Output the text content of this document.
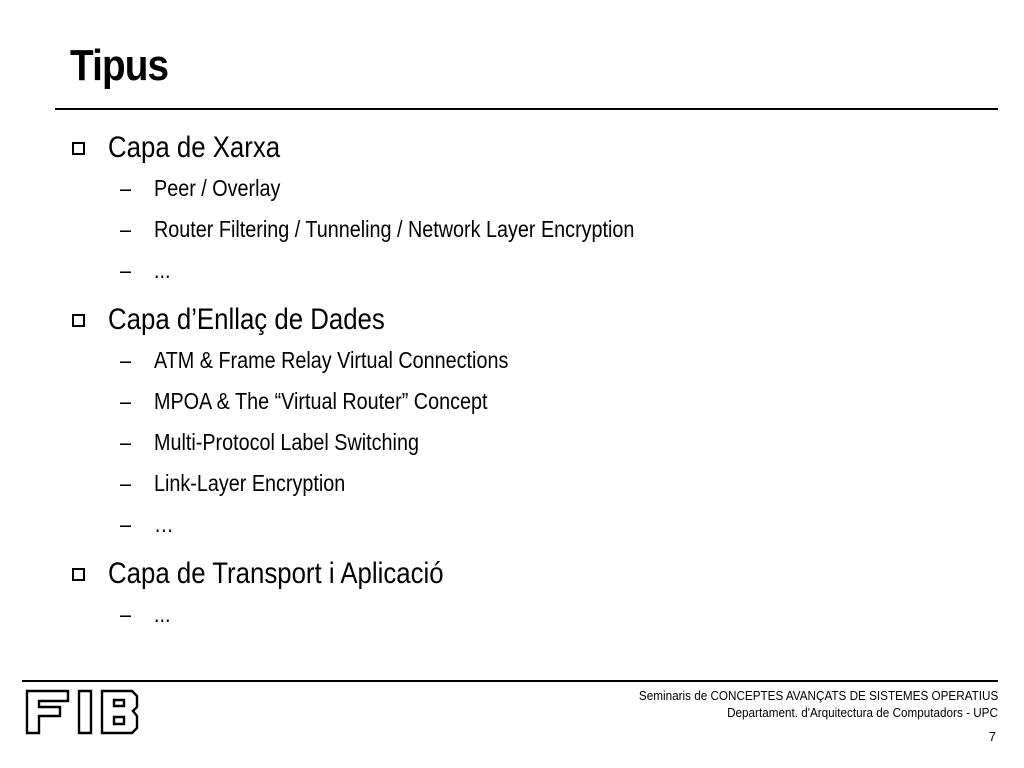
Tipus
Capa de Xarxa
– Peer / Overlay
– Router Filtering / Tunneling / Network Layer Encryption
– ...
Capa d’Enllaç de Dades
– ATM & Frame Relay Virtual Connections
– MPOA & The “Virtual Router” Concept
– Multi-Protocol Label Switching
– Link-Layer Encryption
– …
Capa de Transport i Aplicació
– ...
Seminaris de CONCEPTES AVANÇATS DE SISTEMES OPERATIUS
Departament. d'Arquitectura de Computadors - UPC
7
